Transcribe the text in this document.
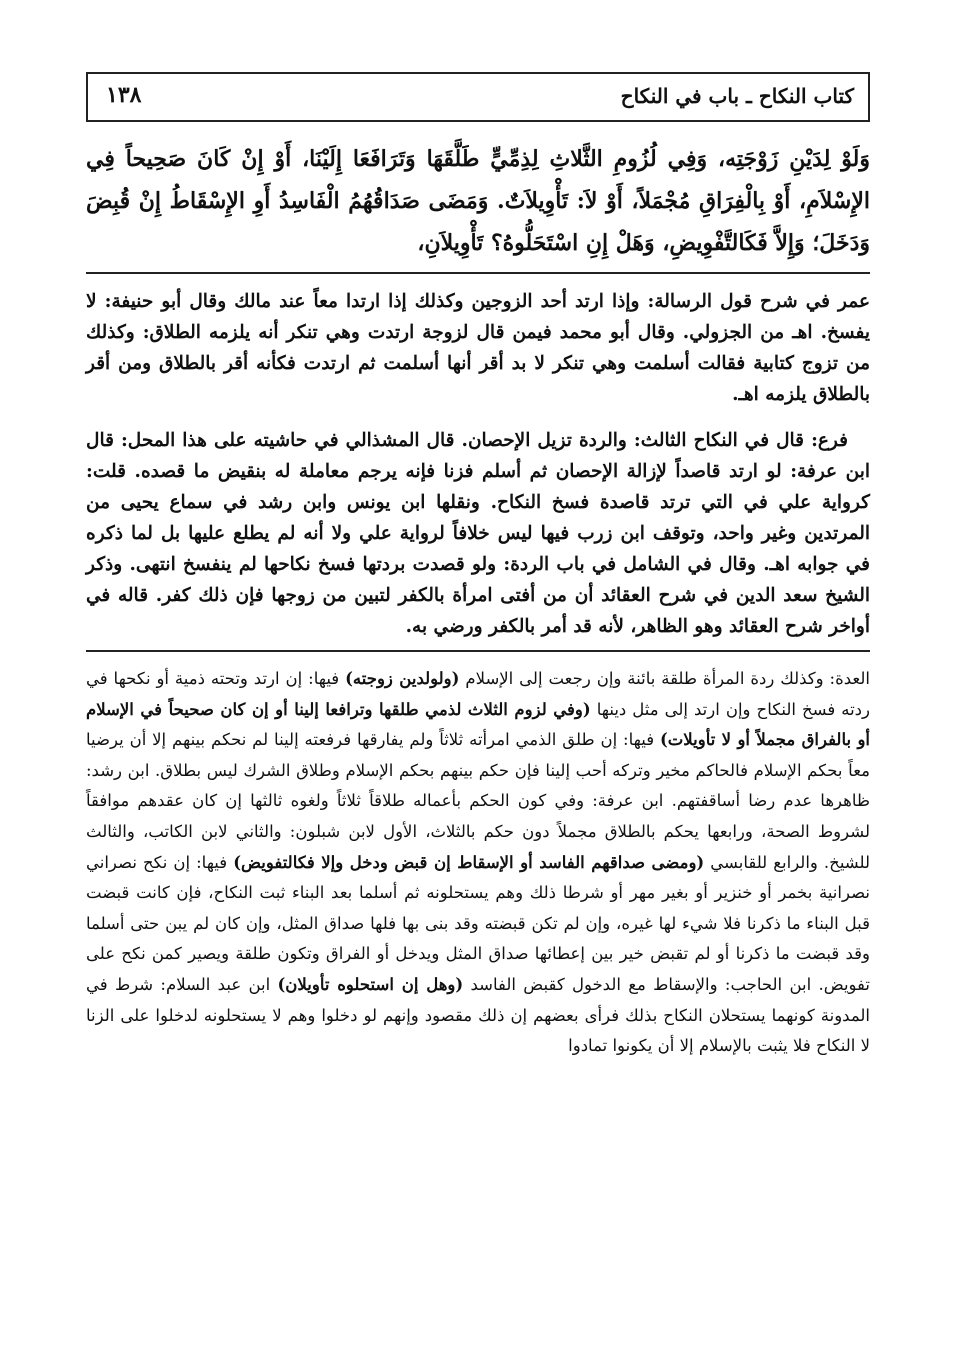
كتاب النكاح ـ باب في النكاح
١٣٨
وَلَوْ لِدَيْنِ زَوْجَتِه، وَفِي لُزُومِ الثَّلاثِ لِذِمِّيٍّ طَلَّقَهَا وَتَرَافَعَا إِلَيْنَا، أَوْ إِنْ كَانَ صَحِيحاً فِي الإِسْلاَمِ، أَوْ بِالْفِرَاقِ مُجْمَلاً، أَوْ لاَ: تَأْوِيلاَتٌ. وَمَضَى صَدَاقُهُمُ الْفَاسِدُ أَوِ الإِسْقَاطُ إِنْ قُبِضَ وَدَخَلَ؛ وَإِلاَّ فَكَالتَّفْوِيضِ، وَهَلْ إِنِ اسْتَحَلُّوهُ؟ تَأْوِيلاَنِ،

عمر في شرح قول الرسالة: وإذا ارتد أحد الزوجين وكذلك إذا ارتدا معاً عند مالك وقال أبو حنيفة: لا يفسخ. اهـ من الجزولي. وقال أبو محمد فيمن قال لزوجة ارتدت وهي تنكر أنه يلزمه الطلاق: وكذلك من تزوج كتابية فقالت أسلمت وهي تنكر لا بد أقر أنها أسلمت ثم ارتدت فكأنه أقر بالطلاق ومن أقر بالطلاق يلزمه اهـ.

فرع: قال في النكاح الثالث: والردة تزيل الإحصان. قال المشذالي في حاشيته على هذا المحل: قال ابن عرفة: لو ارتد قاصداً لإزالة الإحصان ثم أسلم فزنا فإنه يرجم معاملة له بنقيض ما قصده. قلت: كرواية علي في التي ترتد قاصدة فسخ النكاح. ونقلها ابن يونس وابن رشد في سماع يحيى من المرتدين وغير واحد، وتوقف ابن زرب فيها ليس خلافاً لرواية علي ولا أنه لم يطلع عليها بل لما ذكره في جوابه اهـ. وقال في الشامل في باب الردة: ولو قصدت بردتها فسخ نكاحها لم ينفسخ انتهى. وذكر الشيخ سعد الدين في شرح العقائد أن من أفتى امرأة بالكفر لتبين من زوجها فإن ذلك كفر. قاله في أواخر شرح العقائد وهو الظاهر، لأنه قد أمر بالكفر ورضي به.

العدة: وكذلك ردة المرأة طلقة بائنة وإن رجعت إلى الإسلام (ولولدين زوجته) فيها: إن ارتد وتحته ذمية أو نكحها في ردته فسخ النكاح وإن ارتد إلى مثل دينها (وفي لزوم الثلاث لذمي طلقها وترافعا إلينا أو إن كان صحيحاً في الإسلام أو بالفراق مجملاً أو لا تأويلات) فيها: إن طلق الذمي امرأته ثلاثاً ولم يفارقها فرفعته إلينا لم نحكم بينهم إلا أن يرضيا معاً بحكم الإسلام فالحاكم مخير وتركه أحب إلينا فإن حكم بينهم بحكم الإسلام وطلاق الشرك ليس بطلاق. ابن رشد: ظاهرها عدم رضا أساقفتهم. ابن عرفة: وفي كون الحكم بأعماله طلاقاً ثلاثاً ولغوه ثالثها إن كان عقدهم موافقاً لشروط الصحة، ورابعها يحكم بالطلاق مجملاً دون حكم بالثلاث، الأول لابن شبلون: والثاني لابن الكاتب، والثالث للشيخ. والرابع للقابسي (ومضى صداقهم الفاسد أو الإسقاط إن قبض ودخل وإلا فكالتفويض) فيها: إن نكح نصراني نصرانية بخمر أو خنزير أو بغير مهر أو شرطا ذلك وهم يستحلونه ثم أسلما بعد البناء ثبت النكاح، فإن كانت قبضت قبل البناء ما ذكرنا فلا شيء لها غيره، وإن لم تكن قبضته وقد بنى بها فلها صداق المثل، وإن كان لم يبن حتى أسلما وقد قبضت ما ذكرنا أو لم تقبض خير بين إعطائها صداق المثل ويدخل أو الفراق وتكون طلقة ويصير كمن نكح على تفويض. ابن الحاجب: والإسقاط مع الدخول كقبض الفاسد (وهل إن استحلوه تأويلان) ابن عبد السلام: شرط في المدونة كونهما يستحلان النكاح بذلك فرأى بعضهم إن ذلك مقصود وإنهم لو دخلوا وهم لا يستحلونه لدخلوا على الزنا لا النكاح فلا يثبت بالإسلام إلا أن يكونوا تمادوا
